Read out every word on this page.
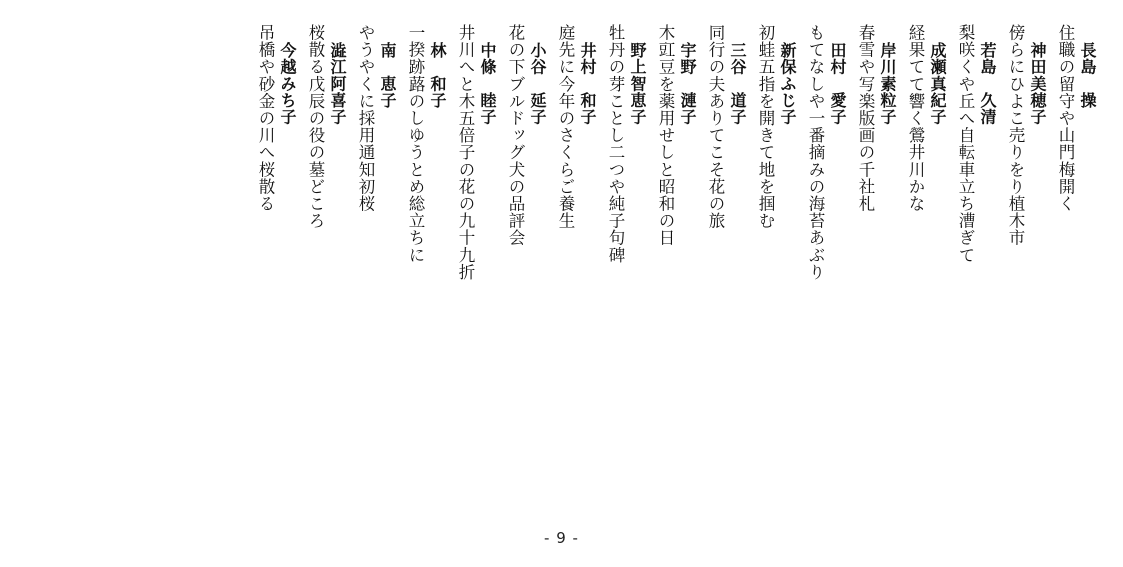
長島　操
住職の留守や山門梅開く
神田美穂子
傍らにひよこ売りをり植木市
若島　久清
梨咲くや丘へ自転車立ち漕ぎて
成瀬真紀子
経果てて響く鶯井川かな
岸川素粒子
春雪や写楽版画の千社札
田村　愛子
もてなしや一番摘みの海苔あぶり
新保ふじ子
初蛙五指を開きて地を掴む
三谷　道子
同行の夫ありてこそ花の旅
宇野　漣子
木豇豆を薬用せしと昭和の日
野上智恵子
牡丹の芽ことし二つや純子句碑
井村　和子
庭先に今年のさくらご養生
小谷　延子
花の下ブルドッグ犬の品評会
中條　睦子
井川へと木五倍子の花の九十九折
林　和子
一揆跡蕗のしゆうとめ総立ちに
南　恵子
やうやくに採用通知初桜
澁江阿喜子
桜散る戊辰の役の墓どころ
今越みち子
吊橋や砂金の川へ桜散る
- 9 -
